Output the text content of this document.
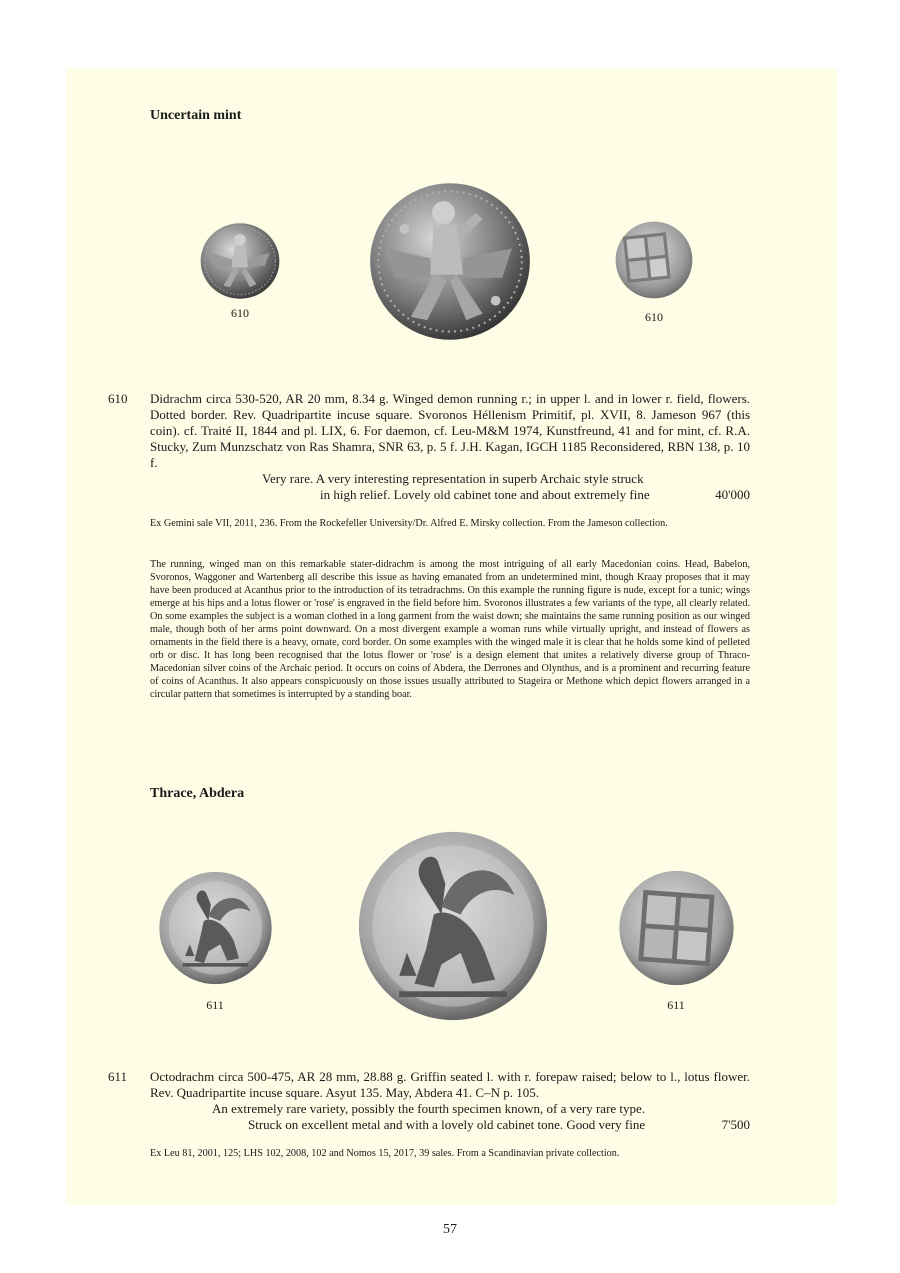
Uncertain mint
610	610
610 Didrachm circa 530-520, AR 20 mm, 8.34 g. Winged demon running r.; in upper l. and in lower r. field, flowers. Dotted border. Rev. Quadripartite incuse square. Svoronos Héllenism Primitif, pl. XVII, 8. Jameson 967 (this coin). cf. Traité II, 1844 and pl. LIX, 6. For daemon, cf. Leu-M&M 1974, Kunstfreund, 41 and for mint, cf. R.A. Stucky, Zum Munzschatz von Ras Shamra, SNR 63, p. 5 f. J.H. Kagan, IGCH 1185 Reconsidered, RBN 138, p. 10 f.
Very rare. A very interesting representation in superb Archaic style struck
in high relief. Lovely old cabinet tone and about extremely fine	40'000
Ex Gemini sale VII, 2011, 236. From the Rockefeller University/Dr. Alfred E. Mirsky collection. From the Jameson collection.
The running, winged man on this remarkable stater-didrachm is among the most intriguing of all early Macedonian coins. Head, Babelon, Svoronos, Waggoner and Wartenberg all describe this issue as having emanated from an undetermined mint, though Kraay proposes that it may have been produced at Acanthus prior to the introduction of its tetradrachms. On this example the running figure is nude, except for a tunic; wings emerge at his hips and a lotus flower or 'rose' is engraved in the field before him. Svoronos illustrates a few variants of the type, all clearly related. On some examples the subject is a woman clothed in a long garment from the waist down; she maintains the same running position as our winged male, though both of her arms point downward. On a most divergent example a woman runs while virtually upright, and instead of flowers as ornaments in the field there is a heavy, ornate, cord border. On some examples with the winged male it is clear that he holds some kind of pelleted orb or disc. It has long been recognised that the lotus flower or 'rose' is a design element that unites a relatively diverse group of Thraco-Macedonian silver coins of the Archaic period. It occurs on coins of Abdera, the Derrones and Olynthus, and is a prominent and recurring feature of coins of Acanthus. It also appears conspicuously on those issues usually attributed to Stageira or Methone which depict flowers arranged in a circular pattern that sometimes is interrupted by a standing boar.
Thrace, Abdera
611	611
611 Octodrachm circa 500-475, AR 28 mm, 28.88 g. Griffin seated l. with r. forepaw raised; below to l., lotus flower. Rev. Quadripartite incuse square. Asyut 135. May, Abdera 41. C–N p. 105.
An extremely rare variety, possibly the fourth specimen known, of a very rare type.
Struck on excellent metal and with a lovely old cabinet tone. Good very fine	7'500
Ex Leu 81, 2001, 125; LHS 102, 2008, 102 and Nomos 15, 2017, 39 sales. From a Scandinavian private collection.
57
